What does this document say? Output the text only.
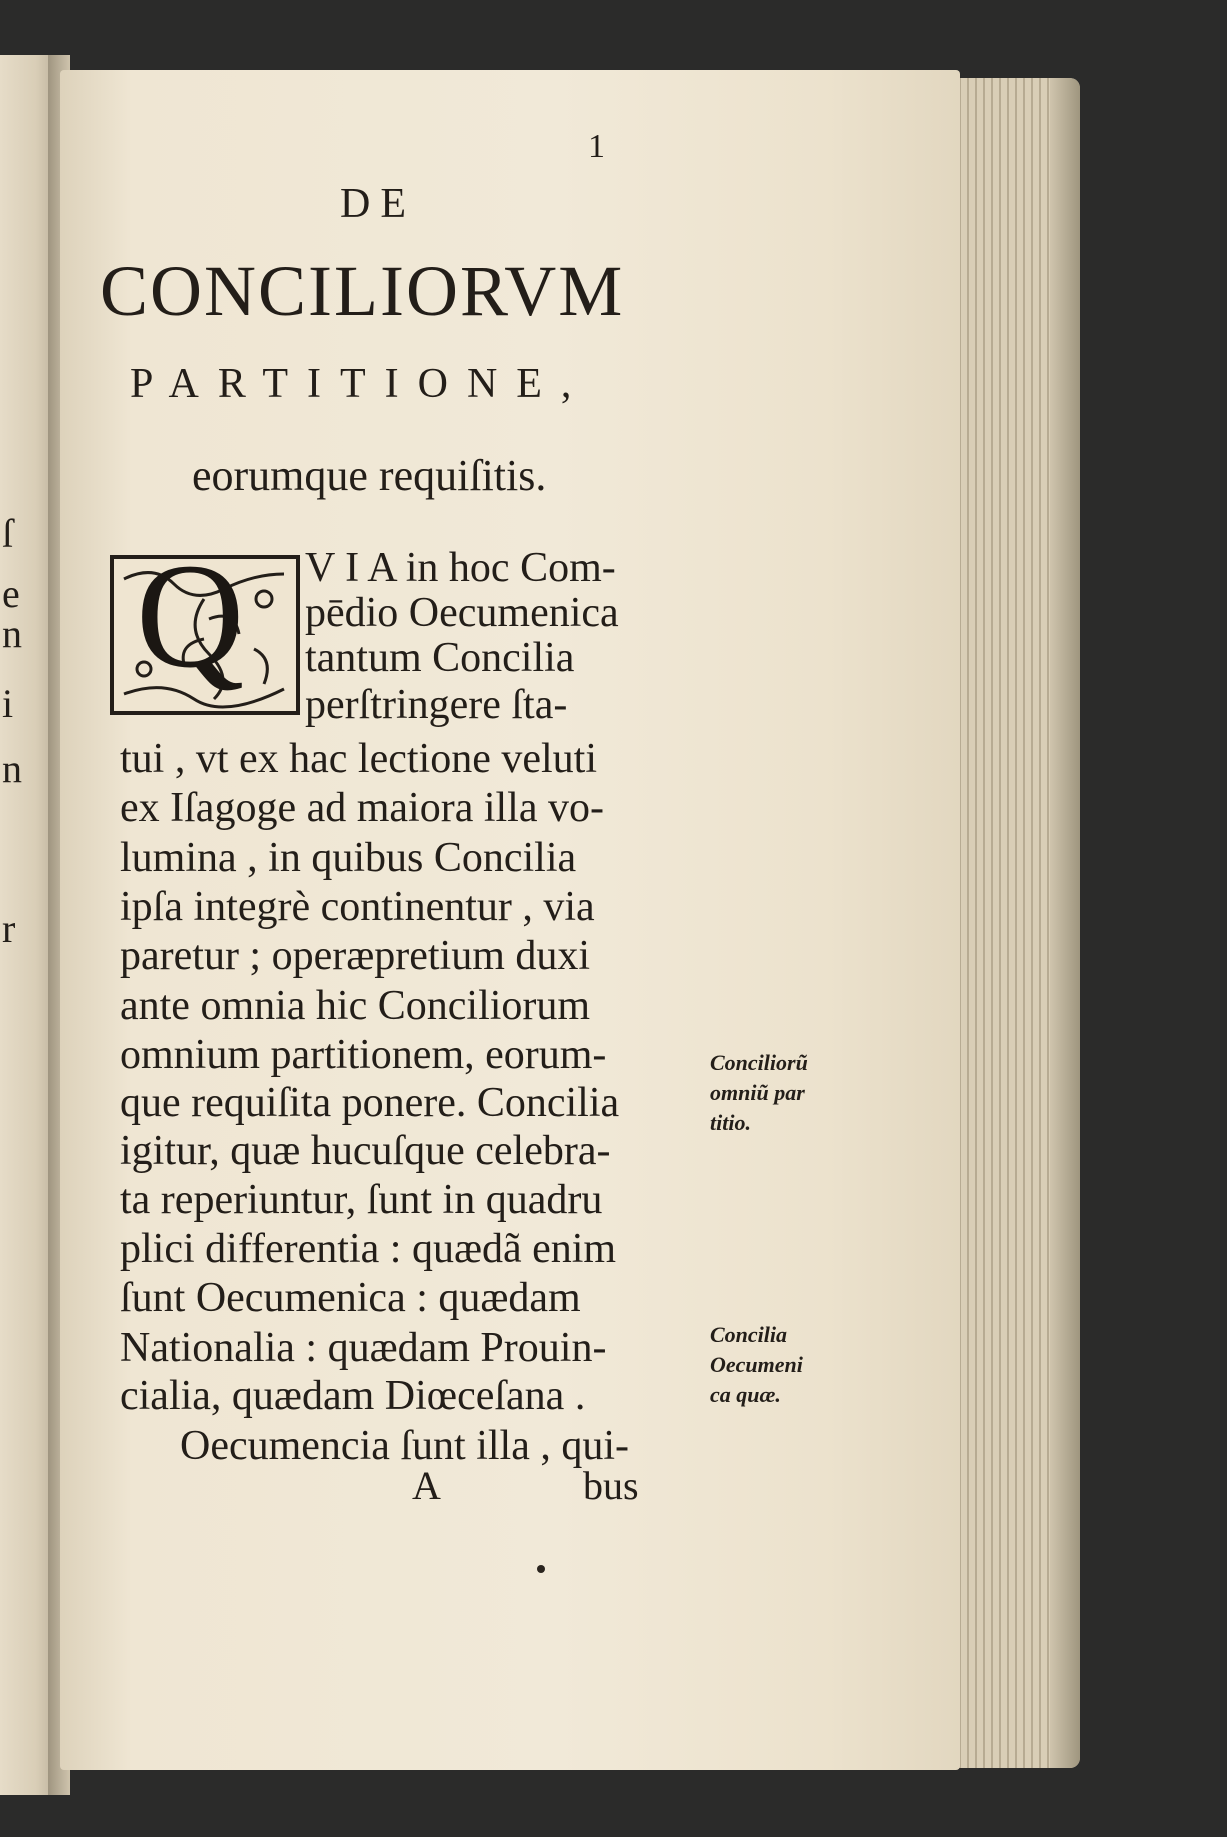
ſ
e
n
i
n
r
1
DE
CONCILIORVM
PARTITIONE,
eorumque requiſitis.
Q V I A in hoc Com-
pēdio Oecumenica
tantum Concilia
perſtringere ſta-
tui , vt ex hac lectione veluti
ex Iſagoge ad maiora illa vo-
lumina , in quibus Concilia
ipſa integrè continentur , via
paretur ; operæpretium duxi
ante omnia hic Conciliorum
omnium partitionem, eorum-
que requiſita ponere. Concilia
igitur, quæ hucuſque celebra-
ta reperiuntur, ſunt in quadru
plici differentia : quædã enim
ſunt Oecumenica : quædam
Nationalia : quædam Prouin-
cialia, quædam Diœceſana .
Oecumencia ſunt illa , qui-
A	bus
Conciliorũ
omniũ par
titio.
Concilia
Oecumeni
ca quæ.
